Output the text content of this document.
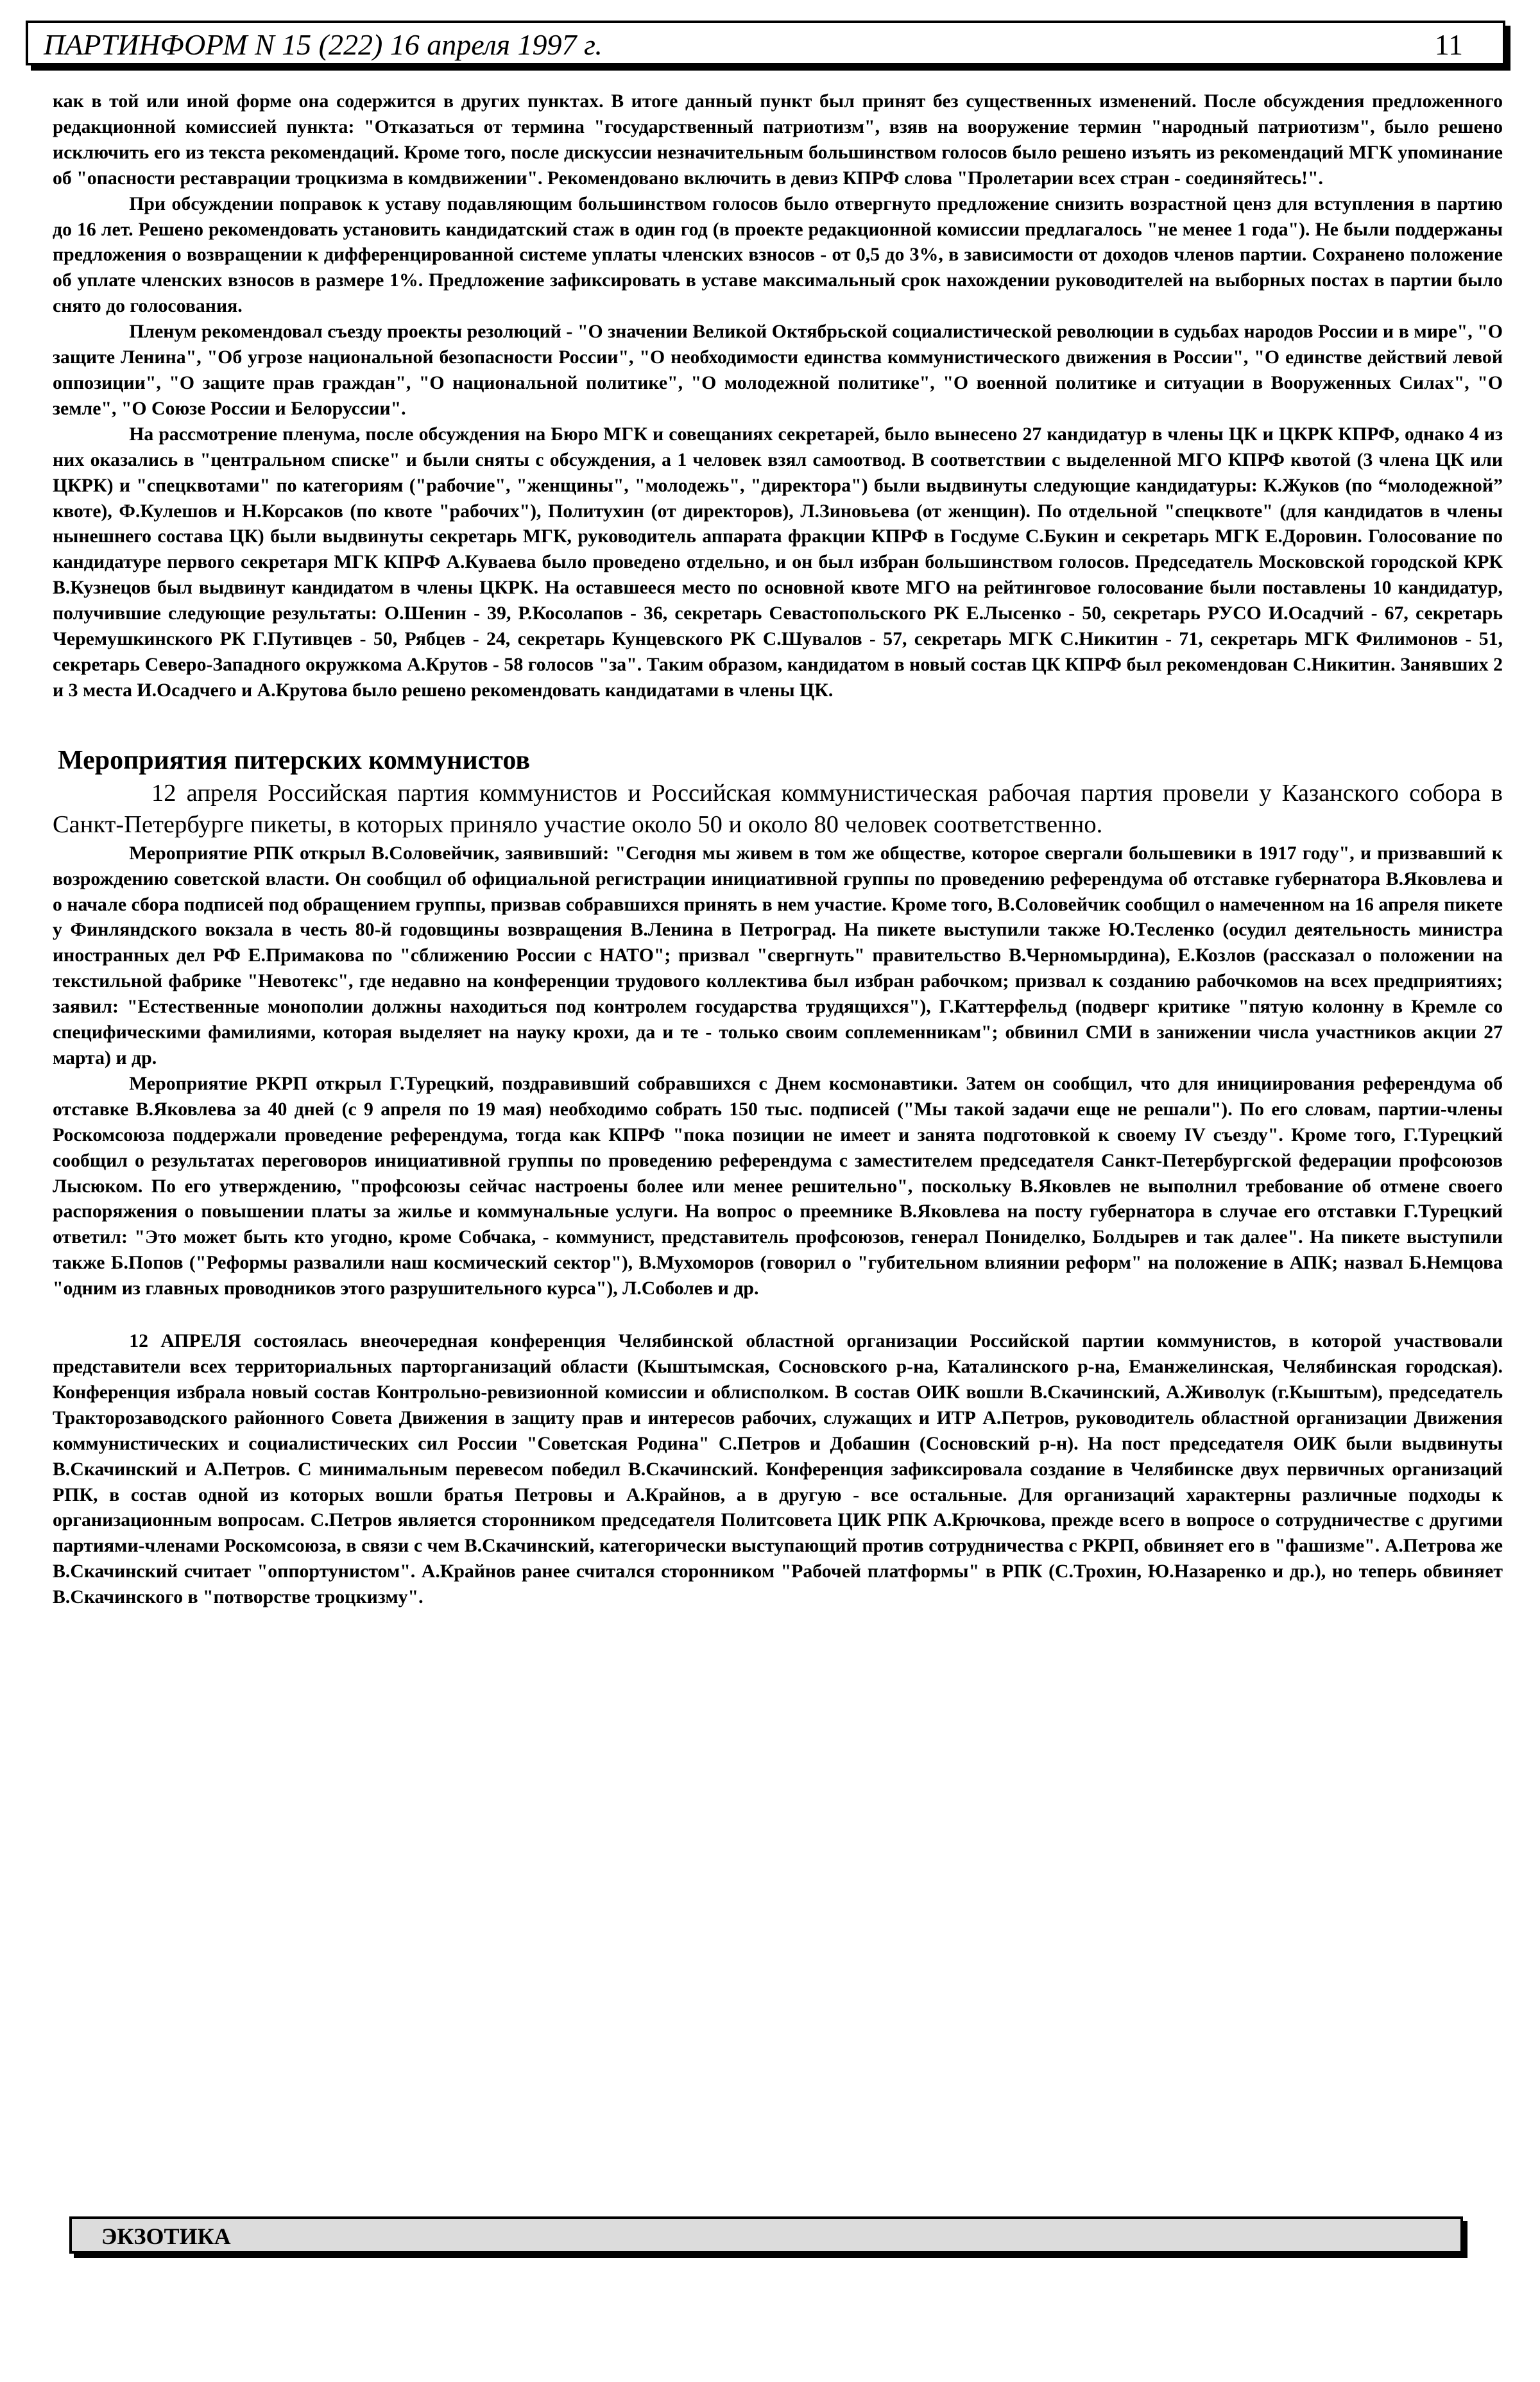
ПАРТИНФОРМ N 15 (222) 16 апреля 1997 г.	11

как в той или иной форме она содержится в других пунктах. В итоге данный пункт был принят без существенных изменений. После обсуждения предложенного редакционной комиссией пункта: "Отказаться от термина "государственный патриотизм", взяв на вооружение термин "народный патриотизм", было решено исключить его из текста рекомендаций. Кроме того, после дискуссии незначительным большинством голосов было решено изъять из рекомендаций МГК упоминание об "опасности реставрации троцкизма в комдвижении". Рекомендовано включить в девиз КПРФ слова "Пролетарии всех стран - соединяйтесь!".

При обсуждении поправок к уставу подавляющим большинством голосов было отвергнуто предложение снизить возрастной ценз для вступления в партию до 16 лет. Решено рекомендовать установить кандидатский стаж в один год (в проекте редакционной комиссии предлагалось "не менее 1 года"). Не были поддержаны предложения о возвращении к дифференцированной системе уплаты членских взносов - от 0,5 до 3%, в зависимости от доходов членов партии. Сохранено положение об уплате членских взносов в размере 1%. Предложение зафиксировать в уставе максимальный срок нахождении руководителей на выборных постах в партии было снято до голосования.

Пленум рекомендовал съезду проекты резолюций - "О значении Великой Октябрьской социалистической революции в судьбах народов России и в мире", "О защите Ленина", "Об угрозе национальной безопасности России", "О необходимости единства коммунистического движения в России", "О единстве действий левой оппозиции", "О защите прав граждан", "О национальной политике", "О молодежной политике", "О военной политике и ситуации в Вооруженных Силах", "О земле", "О Союзе России и Белоруссии".

На рассмотрение пленума, после обсуждения на Бюро МГК и совещаниях секретарей, было вынесено 27 кандидатур в члены ЦК и ЦКРК КПРФ, однако 4 из них оказались в "центральном списке" и были сняты с обсуждения, а 1 человек взял самоотвод. В соответствии с выделенной МГО КПРФ квотой (3 члена ЦК или ЦКРК) и "спецквотами" по категориям ("рабочие", "женщины", "молодежь", "директора") были выдвинуты следующие кандидатуры: К.Жуков (по “молодежной” квоте), Ф.Кулешов и Н.Корсаков (по квоте "рабочих"), Политухин (от директоров), Л.Зиновьева (от женщин). По отдельной "спецквоте" (для кандидатов в члены нынешнего состава ЦК) были выдвинуты секретарь МГК, руководитель аппарата фракции КПРФ в Госдуме С.Букин и секретарь МГК Е.Доровин. Голосование по кандидатуре первого секретаря МГК КПРФ А.Куваева было проведено отдельно, и он был избран большинством голосов. Председатель Московской городской КРК В.Кузнецов был выдвинут кандидатом в члены ЦКРК. На оставшееся место по основной квоте МГО на рейтинговое голосование были поставлены 10 кандидатур, получившие следующие результаты: О.Шенин - 39, Р.Косолапов - 36, секретарь Севастопольского РК Е.Лысенко - 50, секретарь РУСО И.Осадчий - 67, секретарь Черемушкинского РК Г.Путивцев - 50, Рябцев - 24, секретарь Кунцевского РК С.Шувалов - 57, секретарь МГК С.Никитин - 71, секретарь МГК Филимонов - 51, секретарь Северо-Западного окружкома А.Крутов - 58 голосов "за". Таким образом, кандидатом в новый состав ЦК КПРФ был рекомендован С.Никитин. Занявших 2 и 3 места И.Осадчего и А.Крутова было решено рекомендовать кандидатами в члены ЦК.

Мероприятия питерских коммунистов

12 апреля Российская партия коммунистов и Российская коммунистическая рабочая партия провели у Казанского собора в Санкт-Петербурге пикеты, в которых приняло участие около 50 и около 80 человек соответственно.

Мероприятие РПК открыл В.Соловейчик, заявивший: "Сегодня мы живем в том же обществе, которое свергали большевики в 1917 году", и призвавший к возрождению советской власти. Он сообщил об официальной регистрации инициативной группы по проведению референдума об отставке губернатора В.Яковлева и о начале сбора подписей под обращением группы, призвав собравшихся принять в нем участие. Кроме того, В.Соловейчик сообщил о намеченном на 16 апреля пикете у Финляндского вокзала в честь 80-й годовщины возвращения В.Ленина в Петроград. На пикете выступили также Ю.Тесленко (осудил деятельность министра иностранных дел РФ Е.Примакова по "сближению России с НАТО"; призвал "свергнуть" правительство В.Черномырдина), Е.Козлов (рассказал о положении на текстильной фабрике "Невотекс", где недавно на конференции трудового коллектива был избран рабочком; призвал к созданию рабочкомов на всех предприятиях; заявил: "Естественные монополии должны находиться под контролем государства трудящихся"), Г.Каттерфельд (подверг критике "пятую колонну в Кремле со специфическими фамилиями, которая выделяет на науку крохи, да и те - только своим соплеменникам"; обвинил СМИ в занижении числа участников акции 27 марта) и др.

Мероприятие РКРП открыл Г.Турецкий, поздравивший собравшихся с Днем космонавтики. Затем он сообщил, что для инициирования референдума об отставке В.Яковлева за 40 дней (с 9 апреля по 19 мая) необходимо собрать 150 тыс. подписей ("Мы такой задачи еще не решали"). По его словам, партии-члены Роскомсоюза поддержали проведение референдума, тогда как КПРФ "пока позиции не имеет и занята подготовкой к своему IV съезду". Кроме того, Г.Турецкий сообщил о результатах переговоров инициативной группы по проведению референдума с заместителем председателя Санкт-Петербургской федерации профсоюзов Лысюком. По его утверждению, "профсоюзы сейчас настроены более или менее решительно", поскольку В.Яковлев не выполнил требование об отмене своего распоряжения о повышении платы за жилье и коммунальные услуги. На вопрос о преемнике В.Яковлева на посту губернатора в случае его отставки Г.Турецкий ответил: "Это может быть кто угодно, кроме Собчака, - коммунист, представитель профсоюзов, генерал Пониделко, Болдырев и так далее". На пикете выступили также Б.Попов ("Реформы развалили наш космический сектор"), В.Мухоморов (говорил о "губительном влиянии реформ" на положение в АПК; назвал Б.Немцова "одним из главных проводников этого разрушительного курса"), Л.Соболев и др.

12 АПРЕЛЯ состоялась внеочередная конференция Челябинской областной организации Российской партии коммунистов, в которой участвовали представители всех территориальных парторганизаций области (Кыштымская, Сосновского р-на, Каталинского р-на, Еманжелинская, Челябинская городская). Конференция избрала новый состав Контрольно-ревизионной комиссии и облисполком. В состав ОИК вошли В.Скачинский, А.Живолук (г.Кыштым), председатель Тракторозаводского районного Совета Движения в защиту прав и интересов рабочих, служащих и ИТР А.Петров, руководитель областной организации Движения коммунистических и социалистических сил России "Советская Родина" С.Петров и Добашин (Сосновский р-н). На пост председателя ОИК были выдвинуты В.Скачинский и А.Петров. С минимальным перевесом победил В.Скачинский. Конференция зафиксировала создание в Челябинске двух первичных организаций РПК, в состав одной из которых вошли братья Петровы и А.Крайнов, а в другую - все остальные. Для организаций характерны различные подходы к организационным вопросам. С.Петров является сторонником председателя Политсовета ЦИК РПК А.Крючкова, прежде всего в вопросе о сотрудничестве с другими партиями-членами Роскомсоюза, в связи с чем В.Скачинский, категорически выступающий против сотрудничества с РКРП, обвиняет его в "фашизме". А.Петрова же В.Скачинский считает "оппортунистом". А.Крайнов ранее считался сторонником "Рабочей платформы" в РПК (С.Трохин, Ю.Назаренко и др.), но теперь обвиняет В.Скачинского в "потворстве троцкизму".

ЭКЗОТИКА
